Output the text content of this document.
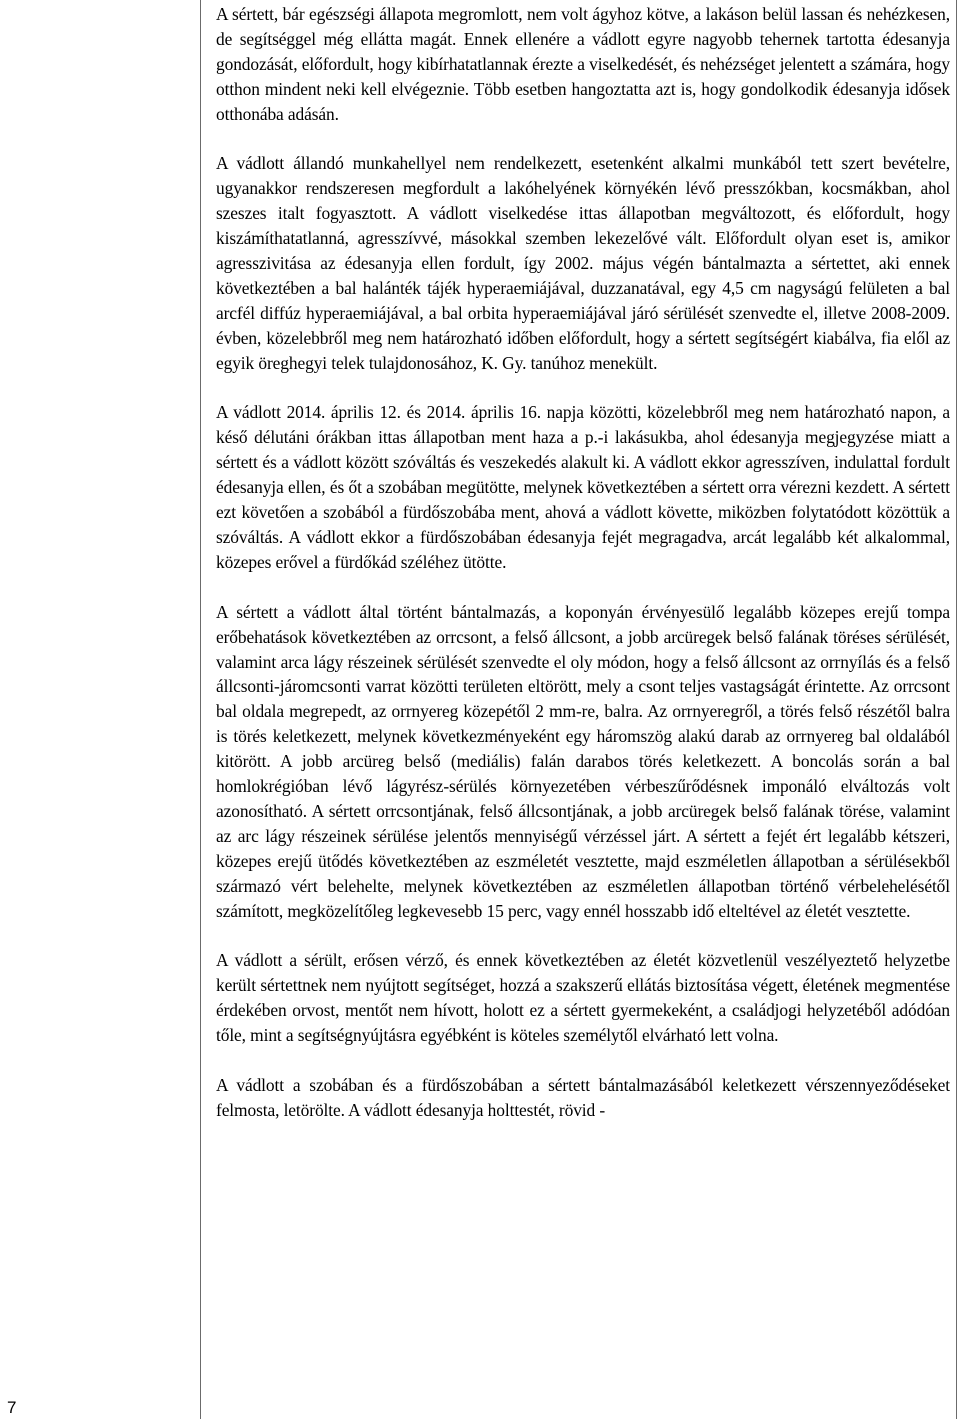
A sértett, bár egészségi állapota megromlott, nem volt ágyhoz kötve, a lakáson belül lassan és nehézkesen, de segítséggel még ellátta magát. Ennek ellenére a vádlott egyre nagyobb tehernek tartotta édesanyja gondozását, előfordult, hogy kibírhatatlannak érezte a viselkedését, és nehézséget jelentett a számára, hogy otthon mindent neki kell elvégeznie. Több esetben hangoztatta azt is, hogy gondolkodik édesanyja idősek otthonába adásán.

A vádlott állandó munkahellyel nem rendelkezett, esetenként alkalmi munkából tett szert bevételre, ugyanakkor rendszeresen megfordult a lakóhelyének környékén lévő presszókban, kocsmákban, ahol szeszes italt fogyasztott. A vádlott viselkedése ittas állapotban megváltozott, és előfordult, hogy kiszámíthatatlanná, agresszívvé, másokkal szemben lekezelővé vált. Előfordult olyan eset is, amikor agresszivitása az édesanyja ellen fordult, így 2002. május végén bántalmazta a sértettet, aki ennek következtében a bal halánték tájék hyperaemiájával, duzzanatával, egy 4,5 cm nagyságú felületen a bal arcfél diffúz hyperaemiájával, a bal orbita hyperaemiájával járó sérülését szenvedte el, illetve 2008-2009. évben, közelebbről meg nem határozható időben előfordult, hogy a sértett segítségért kiabálva, fia elől az egyik öreghegyi telek tulajdonosához, K. Gy. tanúhoz menekült.

A vádlott 2014. április 12. és 2014. április 16. napja közötti, közelebbről meg nem határozható napon, a késő délutáni órákban ittas állapotban ment haza a p.-i lakásukba, ahol édesanyja megjegyzése miatt a sértett és a vádlott között szóváltás és veszekedés alakult ki. A vádlott ekkor agresszíven, indulattal fordult édesanyja ellen, és őt a szobában megütötte, melynek következtében a sértett orra vérezni kezdett. A sértett ezt követően a szobából a fürdőszobába ment, ahová a vádlott követte, miközben folytatódott közöttük a szóváltás. A vádlott ekkor a fürdőszobában édesanyja fejét megragadva, arcát legalább két alkalommal, közepes erővel a fürdőkád széléhez ütötte.

A sértett a vádlott által történt bántalmazás, a koponyán érvényesülő legalább közepes erejű tompa erőbehatások következtében az orrcsont, a felső állcsont, a jobb arcüregek belső falának töréses sérülését, valamint arca lágy részeinek sérülését szenvedte el oly módon, hogy a felső állcsont az orrnyílás és a felső állcsonti-járomcsonti varrat közötti területen eltörött, mely a csont teljes vastagságát érintette. Az orrcsont bal oldala megrepedt, az orrnyereg közepétől 2 mm-re, balra. Az orrnyeregről, a törés felső részétől balra is törés keletkezett, melynek következményeként egy háromszög alakú darab az orrnyereg bal oldalából kitörött. A jobb arcüreg belső (mediális) falán darabos törés keletkezett. A boncolás során a bal homlokrégióban lévő lágyrész-sérülés környezetében vérbeszűrődésnek imponáló elváltozás volt azonosítható. A sértett orrcsontjának, felső állcsontjának, a jobb arcüregek belső falának törése, valamint az arc lágy részeinek sérülése jelentős mennyiségű vérzéssel járt. A sértett a fejét ért legalább kétszeri, közepes erejű ütődés következtében az eszméletét vesztette, majd eszméletlen állapotban a sérülésekből származó vért belehelte, melynek következtében az eszméletlen állapotban történő vérbelehelésétől számított, megközelítőleg legkevesebb 15 perc, vagy ennél hosszabb idő elteltével az életét vesztette.

A vádlott a sérült, erősen vérző, és ennek következtében az életét közvetlenül veszélyeztető helyzetbe került sértettnek nem nyújtott segítséget, hozzá a szakszerű ellátás biztosítása végett, életének megmentése érdekében orvost, mentőt nem hívott, holott ez a sértett gyermekeként, a családjogi helyzetéből adódóan tőle, mint a segítségnyújtásra egyébként is köteles személytől elvárható lett volna.

A vádlott a szobában és a fürdőszobában a sértett bántalmazásából keletkezett vérszennyeződéseket felmosta, letörölte. A vádlott édesanyja holttestét, rövid -

7
